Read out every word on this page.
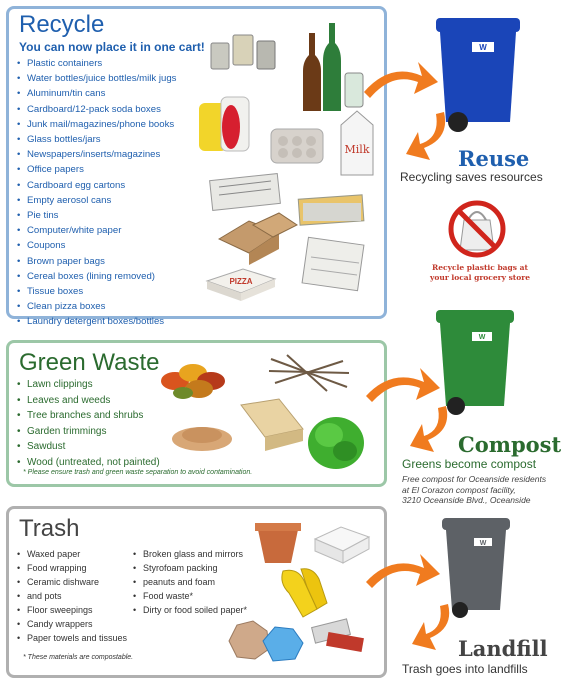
Recycle
You can now place it in one cart!
• Plastic containers
• Water bottles/juice bottles/milk jugs
• Aluminum/tin cans
• Cardboard/12-pack soda boxes
• Junk mail/magazines/phone books
• Glass bottles/jars
• Newspapers/inserts/magazines
• Office papers
• Cardboard egg cartons
• Empty aerosol cans
• Pie tins
• Computer/white paper
• Coupons
• Brown paper bags
• Cereal boxes (lining removed)
• Tissue boxes
• Clean pizza boxes
• Laundry detergent boxes/bottles
Milk
PIZZA
Green Waste
• Lawn clippings
• Leaves and weeds
• Tree branches and shrubs
• Garden trimmings
• Sawdust
• Wood (untreated, not painted)
* Please ensure trash and green waste separation to avoid contamination.
Trash
• Waxed paper
• Food wrapping
• Ceramic dishware
• and pots
• Floor sweepings
• Candy wrappers
• Paper towels and tissues
• Broken glass and mirrors
• Styrofoam packing
• peanuts and foam
• Food waste*
• Dirty or food soiled paper*
* These materials are compostable.
W
Reuse
Recycling saves resources
Recycle plastic bags at
your local grocery store
W
Compost
Greens become compost
Free compost for Oceanside residents
at El Corazon compost facility,
3210 Oceanside Blvd., Oceanside
W
Landfill
Trash goes into landfills
